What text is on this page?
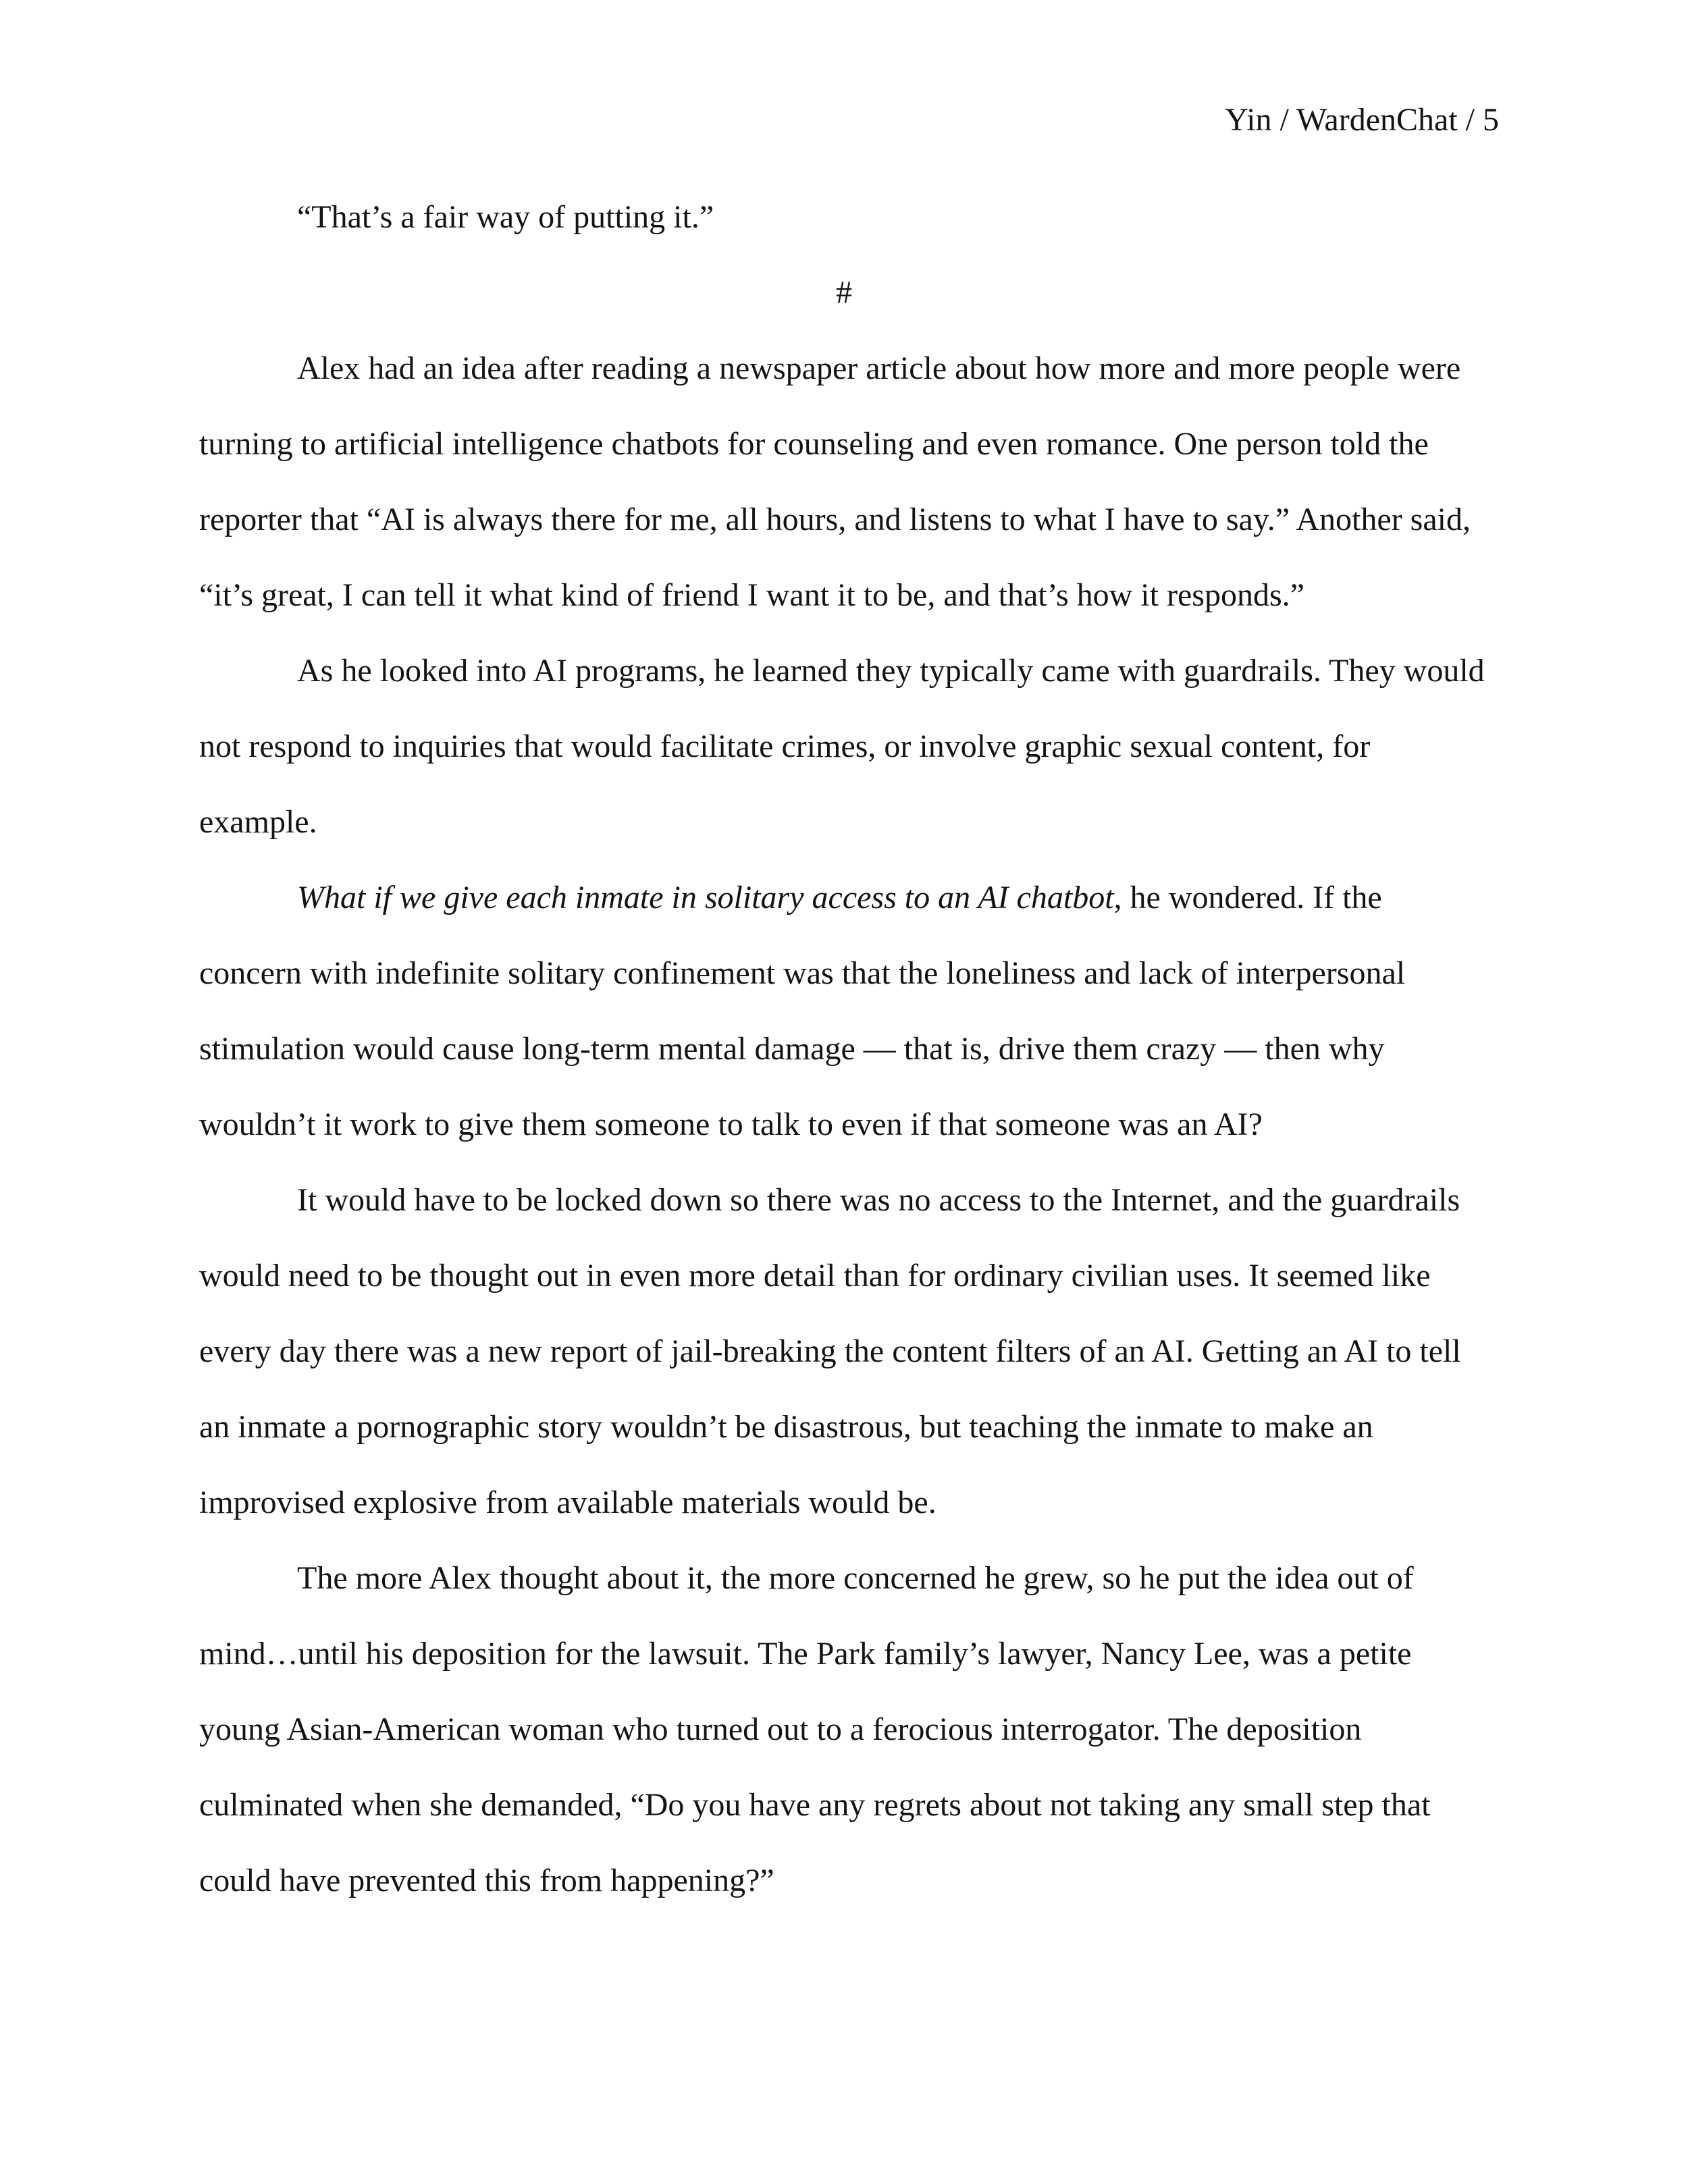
Yin / WardenChat / 5

“That’s a fair way of putting it.”

#

Alex had an idea after reading a newspaper article about how more and more people were turning to artificial intelligence chatbots for counseling and even romance. One person told the reporter that “AI is always there for me, all hours, and listens to what I have to say.” Another said, “it’s great, I can tell it what kind of friend I want it to be, and that’s how it responds.”

As he looked into AI programs, he learned they typically came with guardrails. They would not respond to inquiries that would facilitate crimes, or involve graphic sexual content, for example.

What if we give each inmate in solitary access to an AI chatbot, he wondered. If the concern with indefinite solitary confinement was that the loneliness and lack of interpersonal stimulation would cause long-term mental damage — that is, drive them crazy — then why wouldn’t it work to give them someone to talk to even if that someone was an AI?

It would have to be locked down so there was no access to the Internet, and the guardrails would need to be thought out in even more detail than for ordinary civilian uses. It seemed like every day there was a new report of jail-breaking the content filters of an AI. Getting an AI to tell an inmate a pornographic story wouldn’t be disastrous, but teaching the inmate to make an improvised explosive from available materials would be.

The more Alex thought about it, the more concerned he grew, so he put the idea out of mind…until his deposition for the lawsuit. The Park family’s lawyer, Nancy Lee, was a petite young Asian-American woman who turned out to a ferocious interrogator. The deposition culminated when she demanded, “Do you have any regrets about not taking any small step that could have prevented this from happening?”
